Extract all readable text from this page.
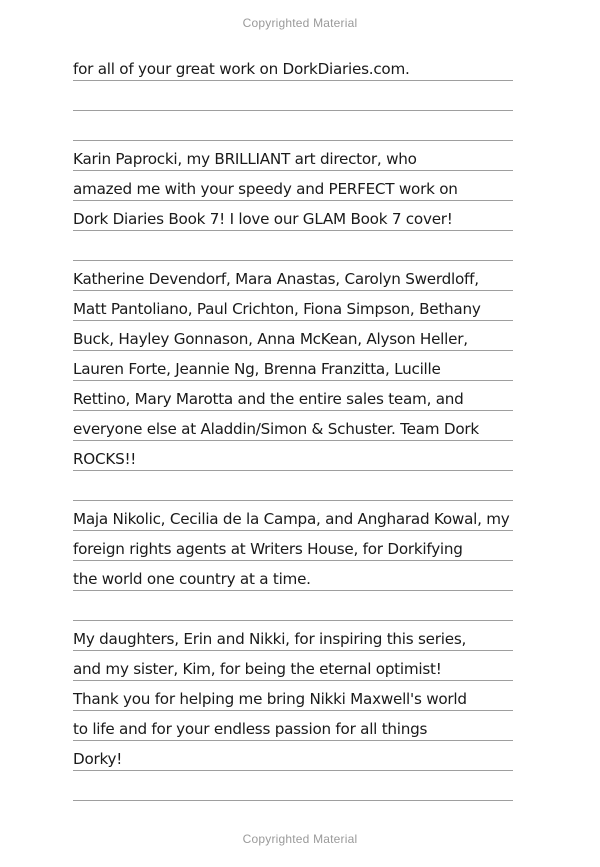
Copyrighted Material
for all of your great work on DorkDiaries.com.
Karin Paprocki, my BRILLIANT art director, who
amazed me with your speedy and PERFECT work on
Dork Diaries Book 7! I love our GLAM Book 7 cover!
Katherine Devendorf, Mara Anastas, Carolyn Swerdloff,
Matt Pantoliano, Paul Crichton, Fiona Simpson, Bethany
Buck, Hayley Gonnason, Anna McKean, Alyson Heller,
Lauren Forte, Jeannie Ng, Brenna Franzitta, Lucille
Rettino, Mary Marotta and the entire sales team, and
everyone else at Aladdin/Simon & Schuster. Team Dork
ROCKS!!
Maja Nikolic, Cecilia de la Campa, and Angharad Kowal, my
foreign rights agents at Writers House, for Dorkifying
the world one country at a time.
My daughters, Erin and Nikki, for inspiring this series,
and my sister, Kim, for being the eternal optimist!
Thank you for helping me bring Nikki Maxwell's world
to life and for your endless passion for all things
Dorky!
Copyrighted Material
